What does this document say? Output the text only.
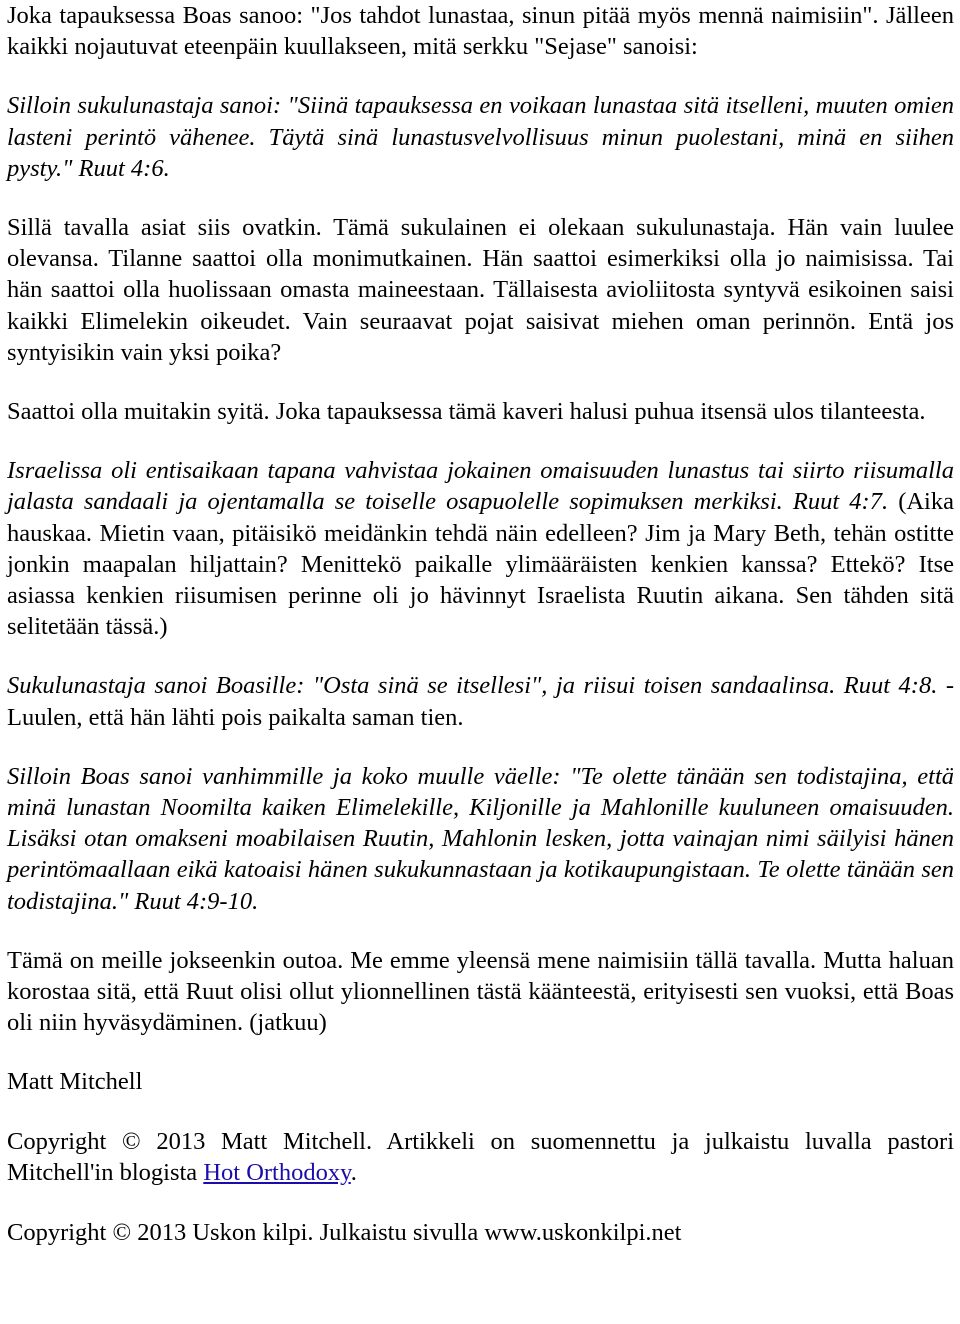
Joka tapauksessa Boas sanoo: "Jos tahdot lunastaa, sinun pitää myös mennä naimisiin". Jälleen kaikki nojautuvat eteenpäin kuullakseen, mitä serkku "Sejase" sanoisi:

Silloin sukulunastaja sanoi: "Siinä tapauksessa en voikaan lunastaa sitä itselleni, muuten omien lasteni perintö vähenee. Täytä sinä lunastusvelvollisuus minun puolestani, minä en siihen pysty." Ruut 4:6.

Sillä tavalla asiat siis ovatkin. Tämä sukulainen ei olekaan sukulunastaja. Hän vain luulee olevansa. Tilanne saattoi olla monimutkainen. Hän saattoi esimerkiksi olla jo naimisissa. Tai hän saattoi olla huolissaan omasta maineestaan. Tällaisesta avioliitosta syntyvä esikoinen saisi kaikki Elimelekin oikeudet. Vain seuraavat pojat saisivat miehen oman perinnön. Entä jos syntyisikin vain yksi poika?

Saattoi olla muitakin syitä. Joka tapauksessa tämä kaveri halusi puhua itsensä ulos tilanteesta.

Israelissa oli entisaikaan tapana vahvistaa jokainen omaisuuden lunastus tai siirto riisumalla jalasta sandaali ja ojentamalla se toiselle osapuolelle sopimuksen merkiksi. Ruut 4:7. (Aika hauskaa. Mietin vaan, pitäisikö meidänkin tehdä näin edelleen? Jim ja Mary Beth, tehän ostitte jonkin maapalan hiljattain? Menittekö paikalle ylimääräisten kenkien kanssa? Ettekö? Itse asiassa kenkien riisumisen perinne oli jo hävinnyt Israelista Ruutin aikana. Sen tähden sitä selitetään tässä.)

Sukulunastaja sanoi Boasille: "Osta sinä se itsellesi", ja riisui toisen sandaalinsa. Ruut 4:8. - Luulen, että hän lähti pois paikalta saman tien.

Silloin Boas sanoi vanhimmille ja koko muulle väelle: "Te olette tänään sen todistajina, että minä lunastan Noomilta kaiken Elimelekille, Kiljonille ja Mahlonille kuuluneen omaisuuden. Lisäksi otan omakseni moabilaisen Ruutin, Mahlonin lesken, jotta vainajan nimi säilyisi hänen perintömaallaan eikä katoaisi hänen sukukunnastaan ja kotikaupungistaan. Te olette tänään sen todistajina." Ruut 4:9-10.

Tämä on meille jokseenkin outoa. Me emme yleensä mene naimisiin tällä tavalla. Mutta haluan korostaa sitä, että Ruut olisi ollut ylionnellinen tästä käänteestä, erityisesti sen vuoksi, että Boas oli niin hyväsydäminen. (jatkuu)

Matt Mitchell

Copyright © 2013 Matt Mitchell. Artikkeli on suomennettu ja julkaistu luvalla pastori Mitchell'in blogista Hot Orthodoxy.

Copyright © 2013 Uskon kilpi. Julkaistu sivulla www.uskonkilpi.net
